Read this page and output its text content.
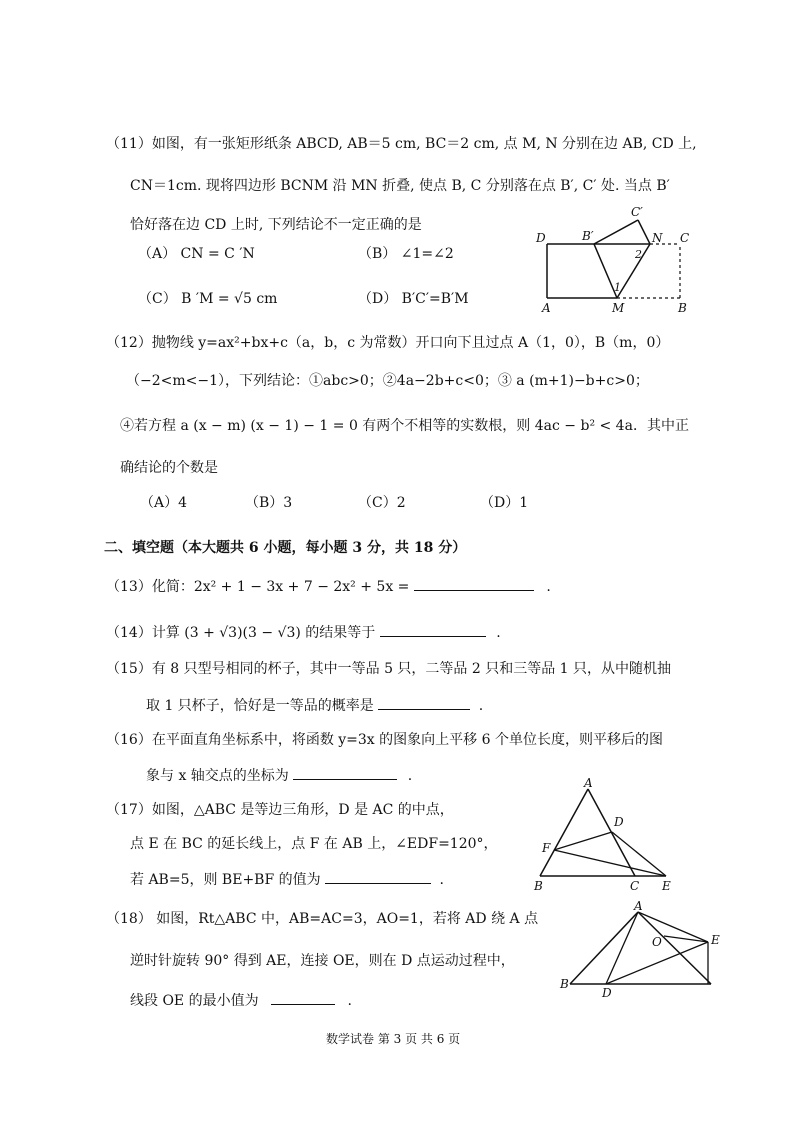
（11）如图，有一张矩形纸条 ABCD, AB＝5 cm, BC＝2 cm, 点 M, N 分别在边 AB, CD 上,
CN＝1cm. 现将四边形 BCNM 沿 MN 折叠, 使点 B, C 分别落在点 B′, C′ 处. 当点 B′
恰好落在边 CD 上时, 下列结论不一定正确的是
（A） CN = C ′N	（B） ∠1=∠2
（C） B ′M = √5 cm	（D） B′C′=B′M
D	B′
C′
N C
2
1
A	M	B
（12）抛物线 y=ax²+bx+c（a，b，c 为常数）开口向下且过点 A（1，0），B（m，0）
（−2<m<−1），下列结论：①abc>0；②4a−2b+c<0；③ a (m+1)−b+c>0；
④若方程 a (x − m) (x − 1) − 1 = 0 有两个不相等的实数根，则 4ac − b² < 4a．其中正
确结论的个数是
（A）4	（B）3	（C）2	（D）1
二、填空题（本大题共 6 小题，每小题 3 分，共 18 分）
（13）化简：2x² + 1 − 3x + 7 − 2x² + 5x =	.
（14）计算 (3 + √3)(3 − √3) 的结果等于	.
（15）有 8 只型号相同的杯子，其中一等品 5 只，二等品 2 只和三等品 1 只，从中随机抽
取 1 只杯子，恰好是一等品的概率是	.
（16）在平面直角坐标系中，将函数 y=3x 的图象向上平移 6 个单位长度，则平移后的图
象与 x 轴交点的坐标为	.
（17）如图，△ABC 是等边三角形，D 是 AC 的中点，
点 E 在 BC 的延长线上，点 F 在 AB 上，∠EDF=120°，
若 AB=5，则 BE+BF 的值为	.
A
D
F
B	C E
（18） 如图，Rt△ABC 中，AB=AC=3，AO=1，若将 AD 绕 A 点
逆时针旋转 90° 得到 AE，连接 OE，则在 D 点运动过程中，
线段 OE 的最小值为	.
A
O	E
B
D
数学试卷 第 3 页 共 6 页
